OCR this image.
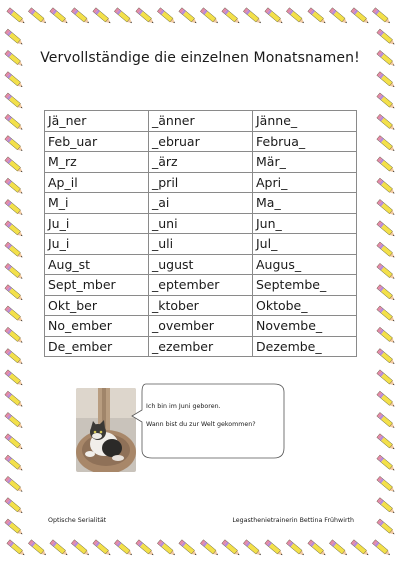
Vervollständige die einzelnen Monatsnamen!
Jä_ner	_änner	Jänne_
Feb_uar	_ebruar	Februa_
M_rz	_ärz	Mär_
Ap_il	_pril	Apri_
M_i	_ai	Ma_
Ju_i	_uni	Jun_
Ju_i	_uli	Jul_
Aug_st	_ugust	Augus_
Sept_mber	_eptember	Septembe_
Okt_ber	_ktober	Oktobe_
No_ember	_ovember	Novembe_
De_ember	_ezember	Dezembe_
Ich bin im Juni geboren.
Wann bist du zur Welt gekommen?
Optische Serialität	Legasthenietrainerin Bettina Frühwirth
